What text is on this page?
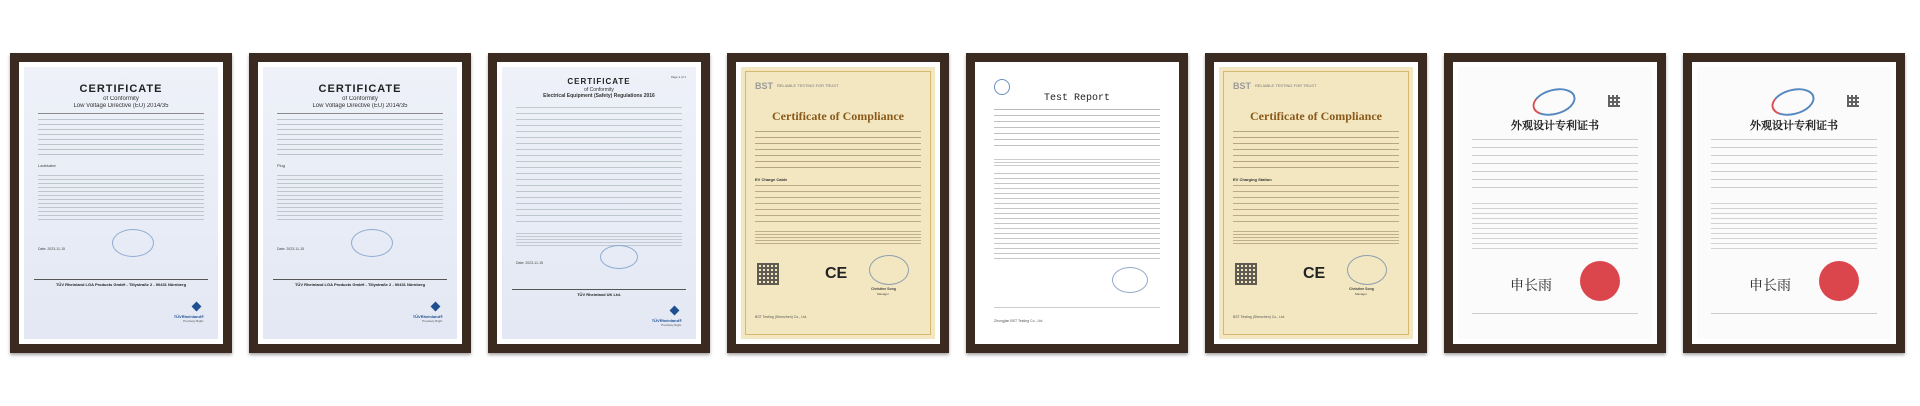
CERTIFICATE
of Conformity
Low Voltage Directive (EU) 2014/35
Ladekabel
Date: 2023-11-15
TÜV Rheinland LGA Products GmbH - Tillystraße 2 - 90431 Nürnberg
TÜVRheinland®
Precisely Right.
CERTIFICATE
of Conformity
Low Voltage Directive (EU) 2014/35
Plug
Date: 2023-11-15
TÜV Rheinland LGA Products GmbH - Tillystraße 2 - 90431 Nürnberg
TÜVRheinland®
Precisely Right.
Page 1 of 1
CERTIFICATE
of Conformity
Electrical Equipment (Safety) Regulations 2016
Date: 2023-11-15
TÜV Rheinland UK Ltd.
TÜVRheinland®
Precisely Right.
BST RELIABLE TESTING FOR TRUST
Certificate of Compliance
EV Charge Cable
CE
Christine Song
Manager
BST Testing (Shenzhen) Co., Ltd.
Test Report
Zhongjian BST Testing Co., Ltd.
BST RELIABLE TESTING FOR TRUST
Certificate of Compliance
EV Charging Station
CE
Christine Song
Manager
BST Testing (Shenzhen) Co., Ltd.
外观设计专利证书
申长雨
外观设计专利证书
申长雨
